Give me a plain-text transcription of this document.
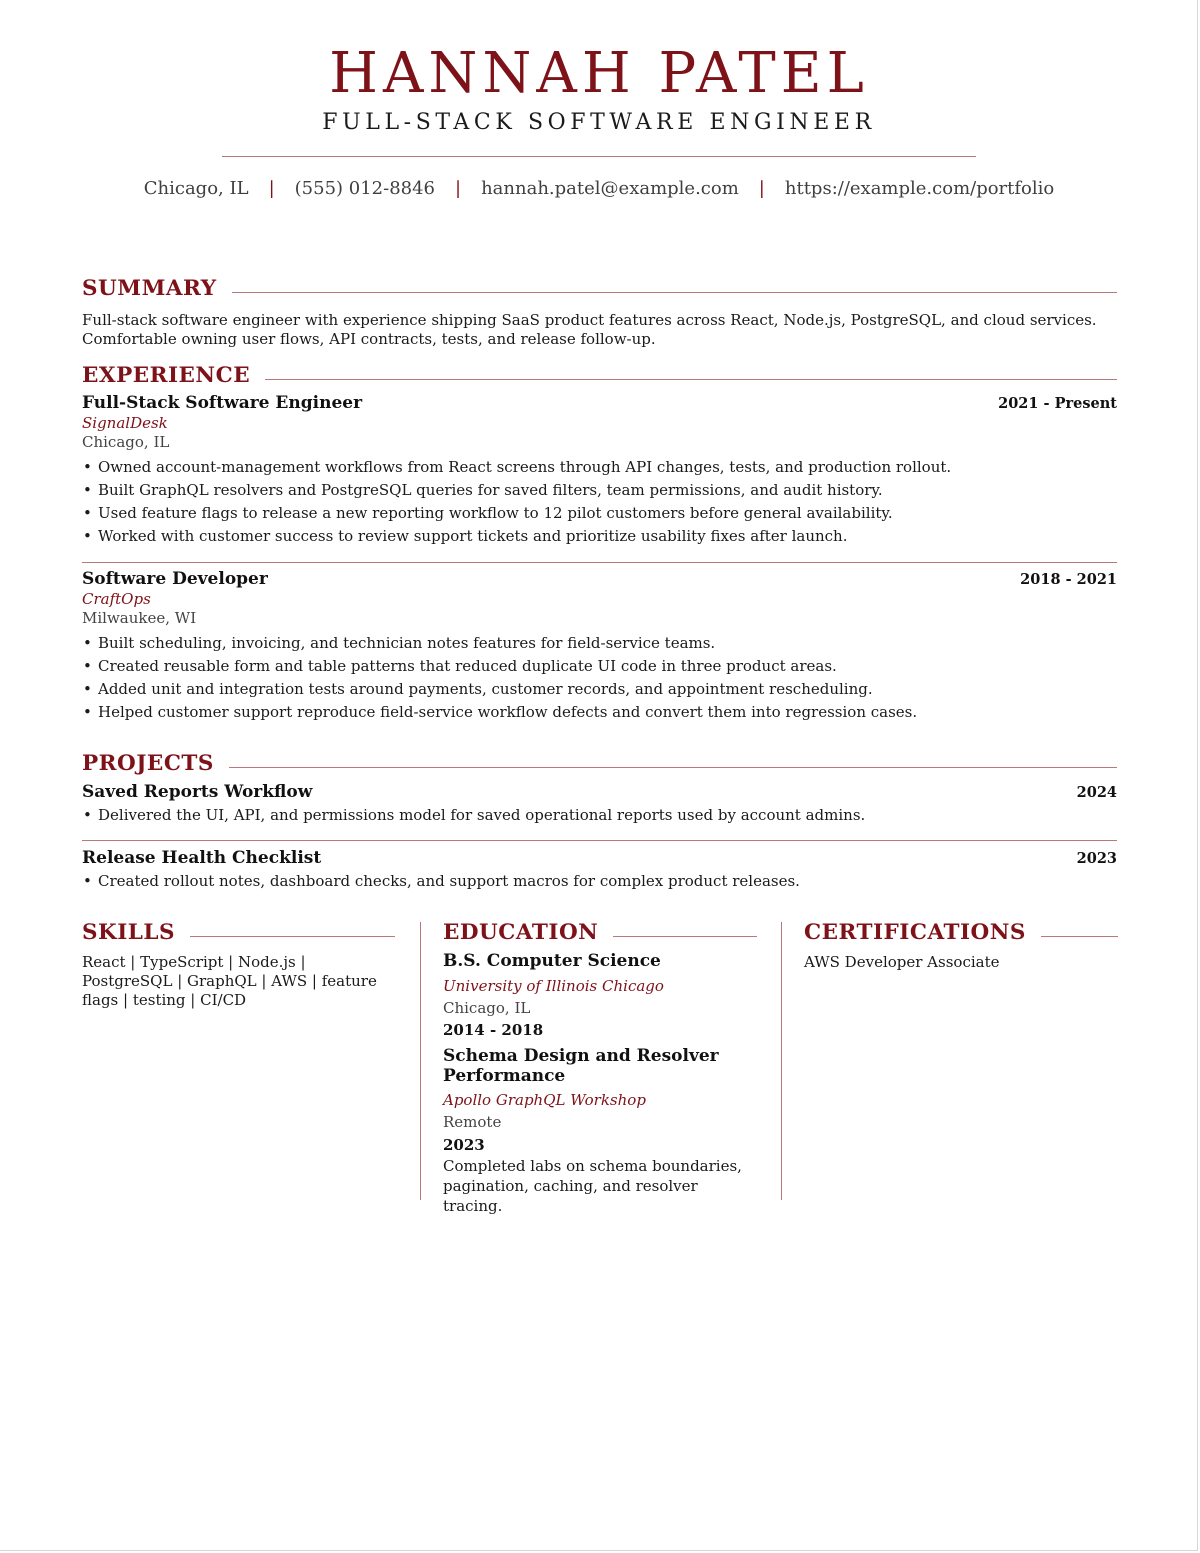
HANNAH PATEL
FULL-STACK SOFTWARE ENGINEER
Chicago, IL | (555) 012-8846 | hannah.patel@example.com | https://example.com/portfolio
SUMMARY
Full-stack software engineer with experience shipping SaaS product features across React, Node.js, PostgreSQL, and cloud services. Comfortable owning user flows, API contracts, tests, and release follow-up.
EXPERIENCE
Full-Stack Software Engineer	2021 - Present
SignalDesk
Chicago, IL
• Owned account-management workflows from React screens through API changes, tests, and production rollout.
• Built GraphQL resolvers and PostgreSQL queries for saved filters, team permissions, and audit history.
• Used feature flags to release a new reporting workflow to 12 pilot customers before general availability.
• Worked with customer success to review support tickets and prioritize usability fixes after launch.
Software Developer	2018 - 2021
CraftOps
Milwaukee, WI
• Built scheduling, invoicing, and technician notes features for field-service teams.
• Created reusable form and table patterns that reduced duplicate UI code in three product areas.
• Added unit and integration tests around payments, customer records, and appointment rescheduling.
• Helped customer support reproduce field-service workflow defects and convert them into regression cases.
PROJECTS
Saved Reports Workflow	2024
• Delivered the UI, API, and permissions model for saved operational reports used by account admins.
Release Health Checklist	2023
• Created rollout notes, dashboard checks, and support macros for complex product releases.
SKILLS
React | TypeScript | Node.js | PostgreSQL | GraphQL | AWS | feature flags | testing | CI/CD
EDUCATION
B.S. Computer Science
University of Illinois Chicago
Chicago, IL
2014 - 2018
Schema Design and Resolver Performance
Apollo GraphQL Workshop
Remote
2023
Completed labs on schema boundaries, pagination, caching, and resolver tracing.
CERTIFICATIONS
AWS Developer Associate
